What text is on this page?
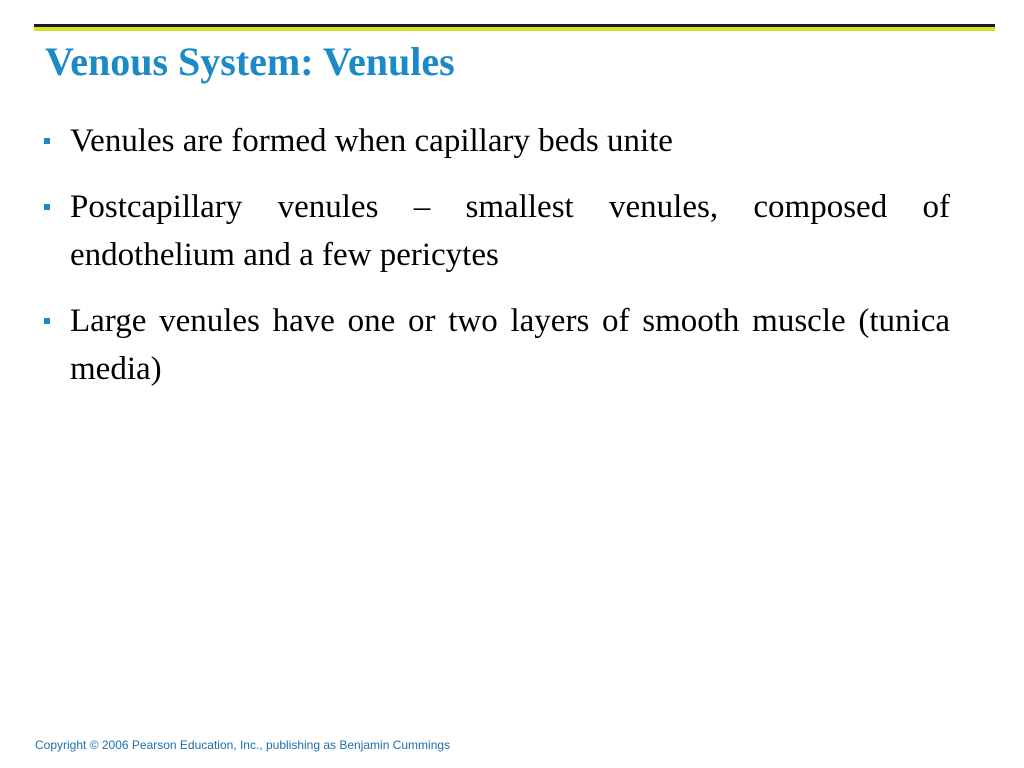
Venous System: Venules
Venules are formed when capillary beds unite
Postcapillary venules – smallest venules, composed of endothelium and a few pericytes
Large venules have one or two layers of smooth muscle (tunica media)
Copyright © 2006 Pearson Education, Inc., publishing as Benjamin Cummings
